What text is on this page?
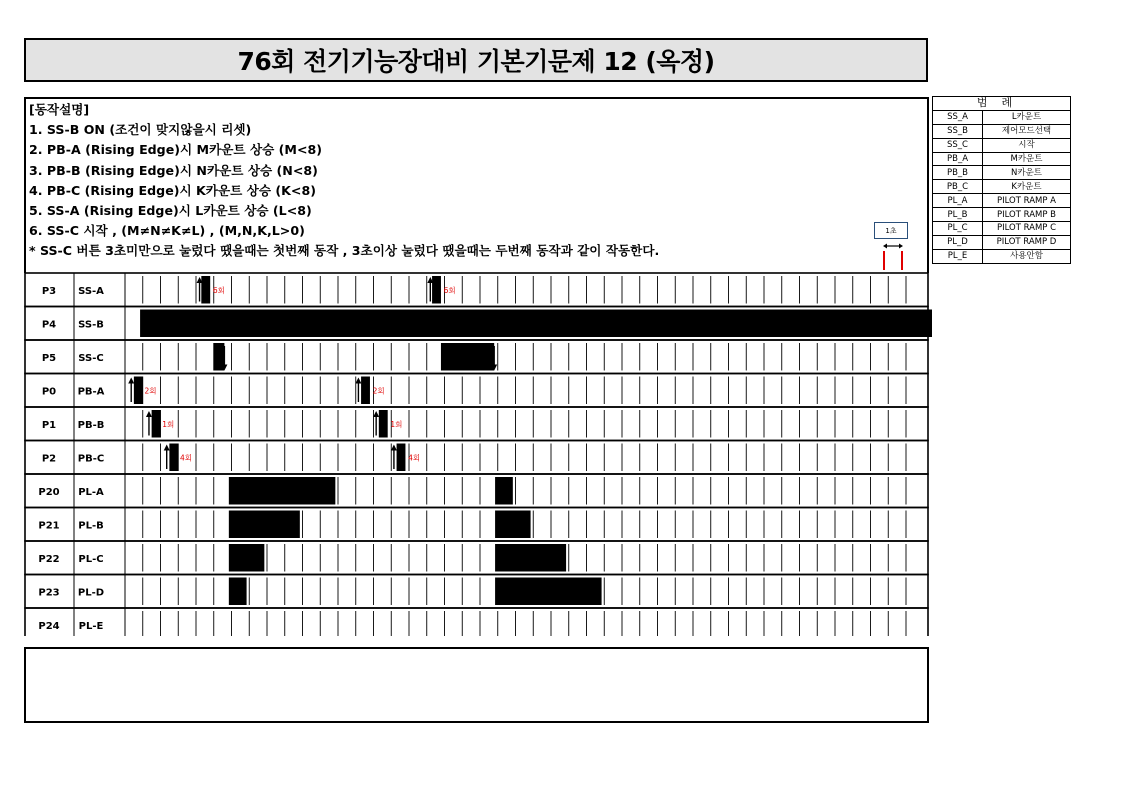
76회 전기기능장대비 기본기문제 12 (옥정)
[동작설명]
1. SS-B ON (조건이 맞지않을시 리셋)
2. PB-A (Rising Edge)시 M카운트 상승 (M<8)
3. PB-B (Rising Edge)시 N카운트 상승 (N<8)
4. PB-C (Rising Edge)시 K카운트 상승 (K<8)
5. SS-A (Rising Edge)시 L카운트 상승 (L<8)
6. SS-C 시작 , (M≠N≠K≠L) , (M,N,K,L>0)
* SS-C 버튼 3초미만으로 눌렀다 땠을때는 첫번째 동작 , 3초이상 눌렀다 땠을때는 두번째 동작과 같이 작동한다.
1초
범례	
SS_A	L카운트
SS_B	제어모드선택
SS_C	시작
PB_A	M카운트
PB_B	N카운트
PB_C	K카운트
PL_A	PILOT RAMP A
PL_B	PILOT RAMP B
PL_C	PILOT RAMP C
PL_D	PILOT RAMP D
PL_E	사용안함
P3 SS-A	6회	6회
P4 SS-B
P5 SS-C
P0 PB-A	2회	2회
P1 PB-B	1회	1회
P2 PB-C	4회	4회
P20 PL-A
P21 PL-B
P22 PL-C
P23 PL-D
P24 PL-E
